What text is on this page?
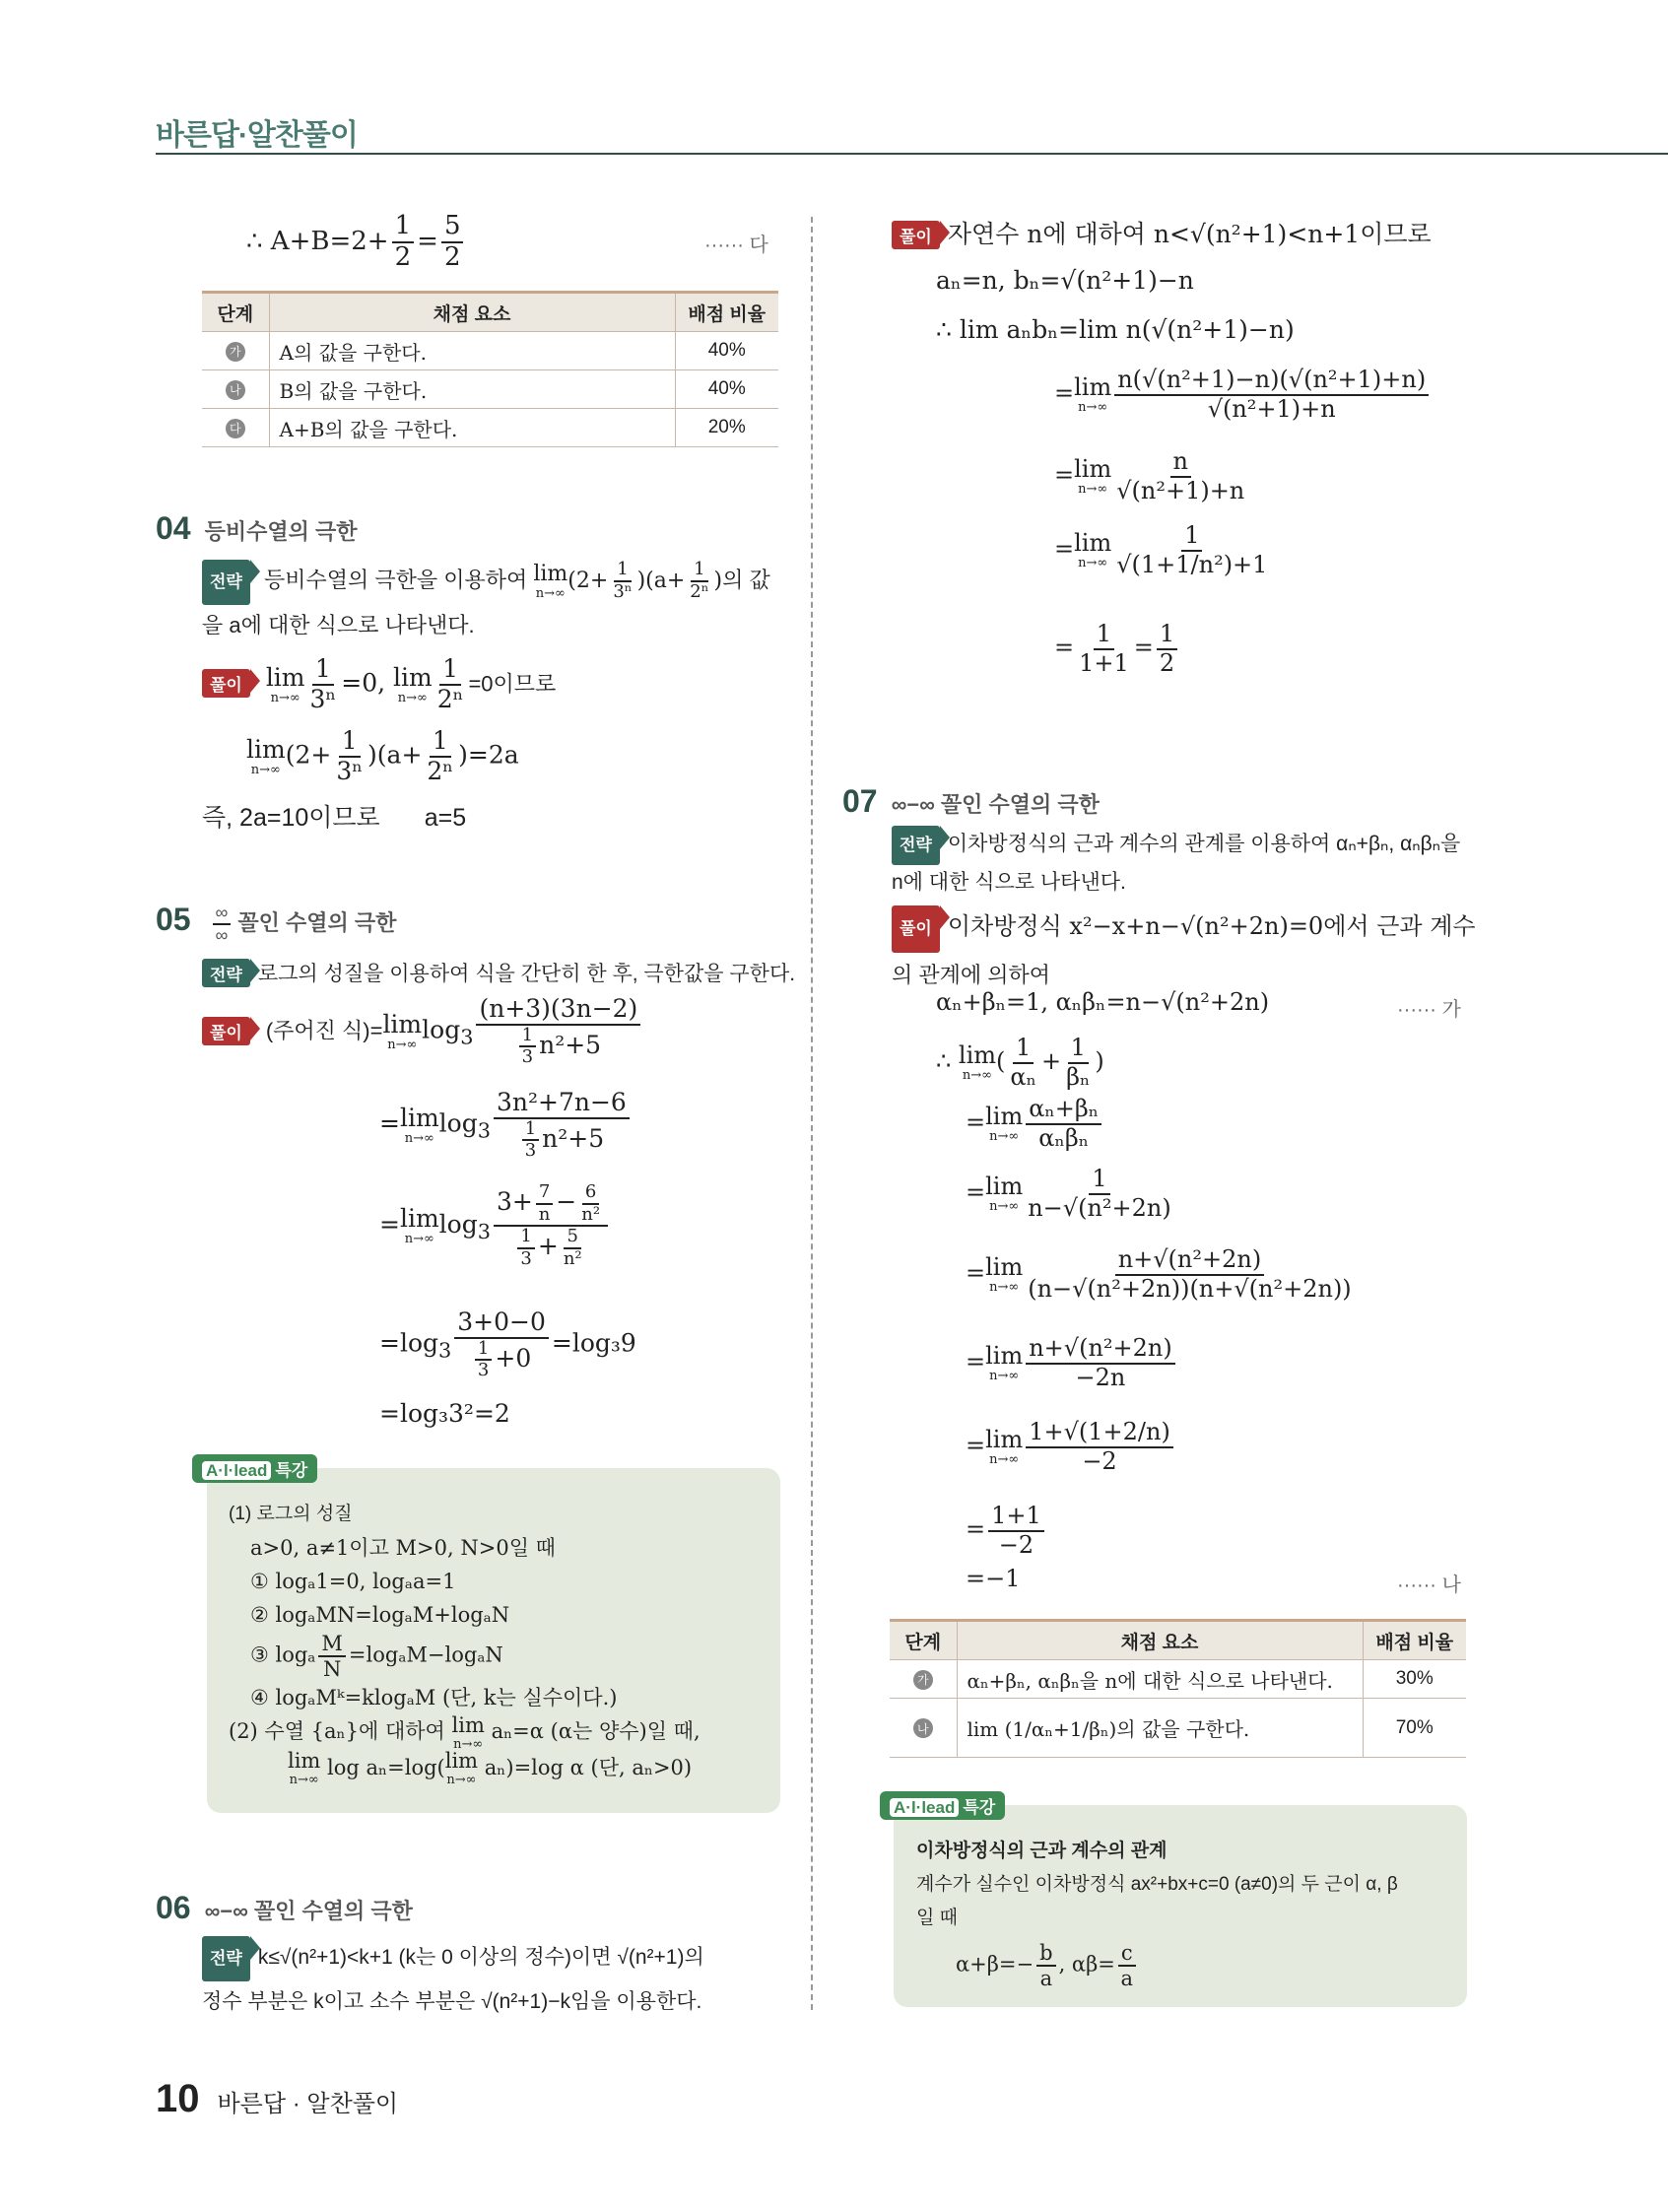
바른답·알찬풀이
∴ $A+B=2+ \frac{1}{2} = \frac{5}{2}$	······ 다
단계	채점 요소	배점 비율
가	A의 값을 구한다.	40%
나	B의 값을 구한다.	40%
다	A+B의 값을 구한다.	20%
04 등비수열의 극한
전략 등비수열의 극한을 이용하여 lim
n→∞ $(2+ \frac{1}{\text{3ⁿ}} )(a+ \frac{1}{\text{2ⁿ}}$ )의 값
을 a에 대한 식으로 나타낸다.
풀이 lim
$n\to\infty \frac{1}{\text{3ⁿ}} =0$, lim
$n\to\infty \frac{1}{\text{2ⁿ}} =0$이므로
lim
n→∞
$(2+ \frac{1}{\text{3ⁿ}} )(a+ \frac{1}{\text{2ⁿ}} )=2a$
즉, 2a=10이므로 a=5
$05 \frac{\infty}{\infty}$ 꼴인 수열의 극한
전략 로그의 성질을 이용하여 식을 간단히 한 후, 극한값을 구한다.
풀이 (주어진 식)=lim
n→∞
$\log_3 \frac{(n+3)(3n-2)}{\frac{1}{3} n^2+5}$
=lim
n→∞
$\log_3 \frac{\text{3n²+7n−6}}{\frac{1}{3} n^2+5}$
=lim
n→∞
$\log_3 \frac{3+ \frac{7}{n} - \frac{6}{\text{n²}}}{\frac{1}{3} + \frac{5}{\text{n²}}}$
$=\log_3 \frac{3+0-0}{\frac{1}{3} +0} =\log_39$
=log₃3²=2
A·l·lead 특강
(1) 로그의 성질
a>0, a≠1이고 M>0, N>0일 때
① logₐ1=0, logₐa=1
② logₐMN=logₐM+logₐN
③ logₐ $\frac{M}{N} =\log_aM-\log_aN$
④ logₐMᵏ=klogₐM (단, k는 실수이다.)
(2) 수열 {aₙ}에 대하여 lim
n→∞
aₙ=α (α는 양수)일 때,
lim
n→∞
log aₙ=log(lim
n→∞
aₙ)=log α (단, aₙ>0)
06 ∞−∞ 꼴인 수열의 극한
전략 k≤√(n²+1)<k+1 (k는 0 이상의 정수)이면 √(n²+1)의
정수 부분은 k이고 소수 부분은 √(n²+1)−k임을 이용한다.
풀이 자연수 n에 대하여 n<√(n²+1)<n+1이므로
aₙ=n, bₙ=√(n²+1)−n
∴ lim aₙbₙ=lim n(√(n²+1)−n)
=lim
$n\to\infty \frac{\text{n(√(n²+1)−n)(√(n²+1)+n)}}{\text{√(n²+1)+n}}$
=lim
$n\to\infty \frac{n}{\text{√(n²+1)+n}}$
=lim
$n\to\infty \frac{1}{\text{√(1+1/n²)+1}}$
= $\frac{1}{1+1} = \frac{1}{2}$
07 ∞−∞ 꼴인 수열의 극한
전략 이차방정식의 근과 계수의 관계를 이용하여 αₙ+βₙ, αₙβₙ을
n에 대한 식으로 나타낸다.
풀이 이차방정식 x²−x+n−√(n²+2n)=0에서 근과 계수
의 관계에 의하여
αₙ+βₙ=1, αₙβₙ=n−√(n²+2n)	······ 가
∴ lim
n→∞
( $\frac{1}{\text{αₙ}} + \frac{1}{\text{βₙ}}$ )
=lim
$n\to\infty \frac{\text{αₙ+βₙ}}{\text{αₙβₙ}}$
=lim
$n\to\infty \frac{1}{\text{n−√(n²+2n)}}$
=lim
$n\to\infty \frac{\text{n+√(n²+2n)}}{\text{(n−√(n²+2n))(n+√(n²+2n))}}$
=lim
$n\to\infty \frac{\text{n+√(n²+2n)}}{-2n}$
=lim
$n\to\infty \frac{1+√(1+2/n)}{-2}$
= $\frac{1+1}{-2}$
=−1	······ 나
단계	채점 요소	배점 비율
가	αₙ+βₙ, αₙβₙ을 n에 대한 식으로 나타낸다.	30%
나	lim (1/αₙ+1/βₙ)의 값을 구한다.	70%
A·l·lead 특강
이차방정식의 근과 계수의 관계
계수가 실수인 이차방정식 ax²+bx+c=0 (a≠0)의 두 근이 α, β
일 때
$\alpha+\beta=- \frac{b}{a}$ , $\alpha\beta= \frac{c}{a}$
10 바른답 · 알찬풀이
